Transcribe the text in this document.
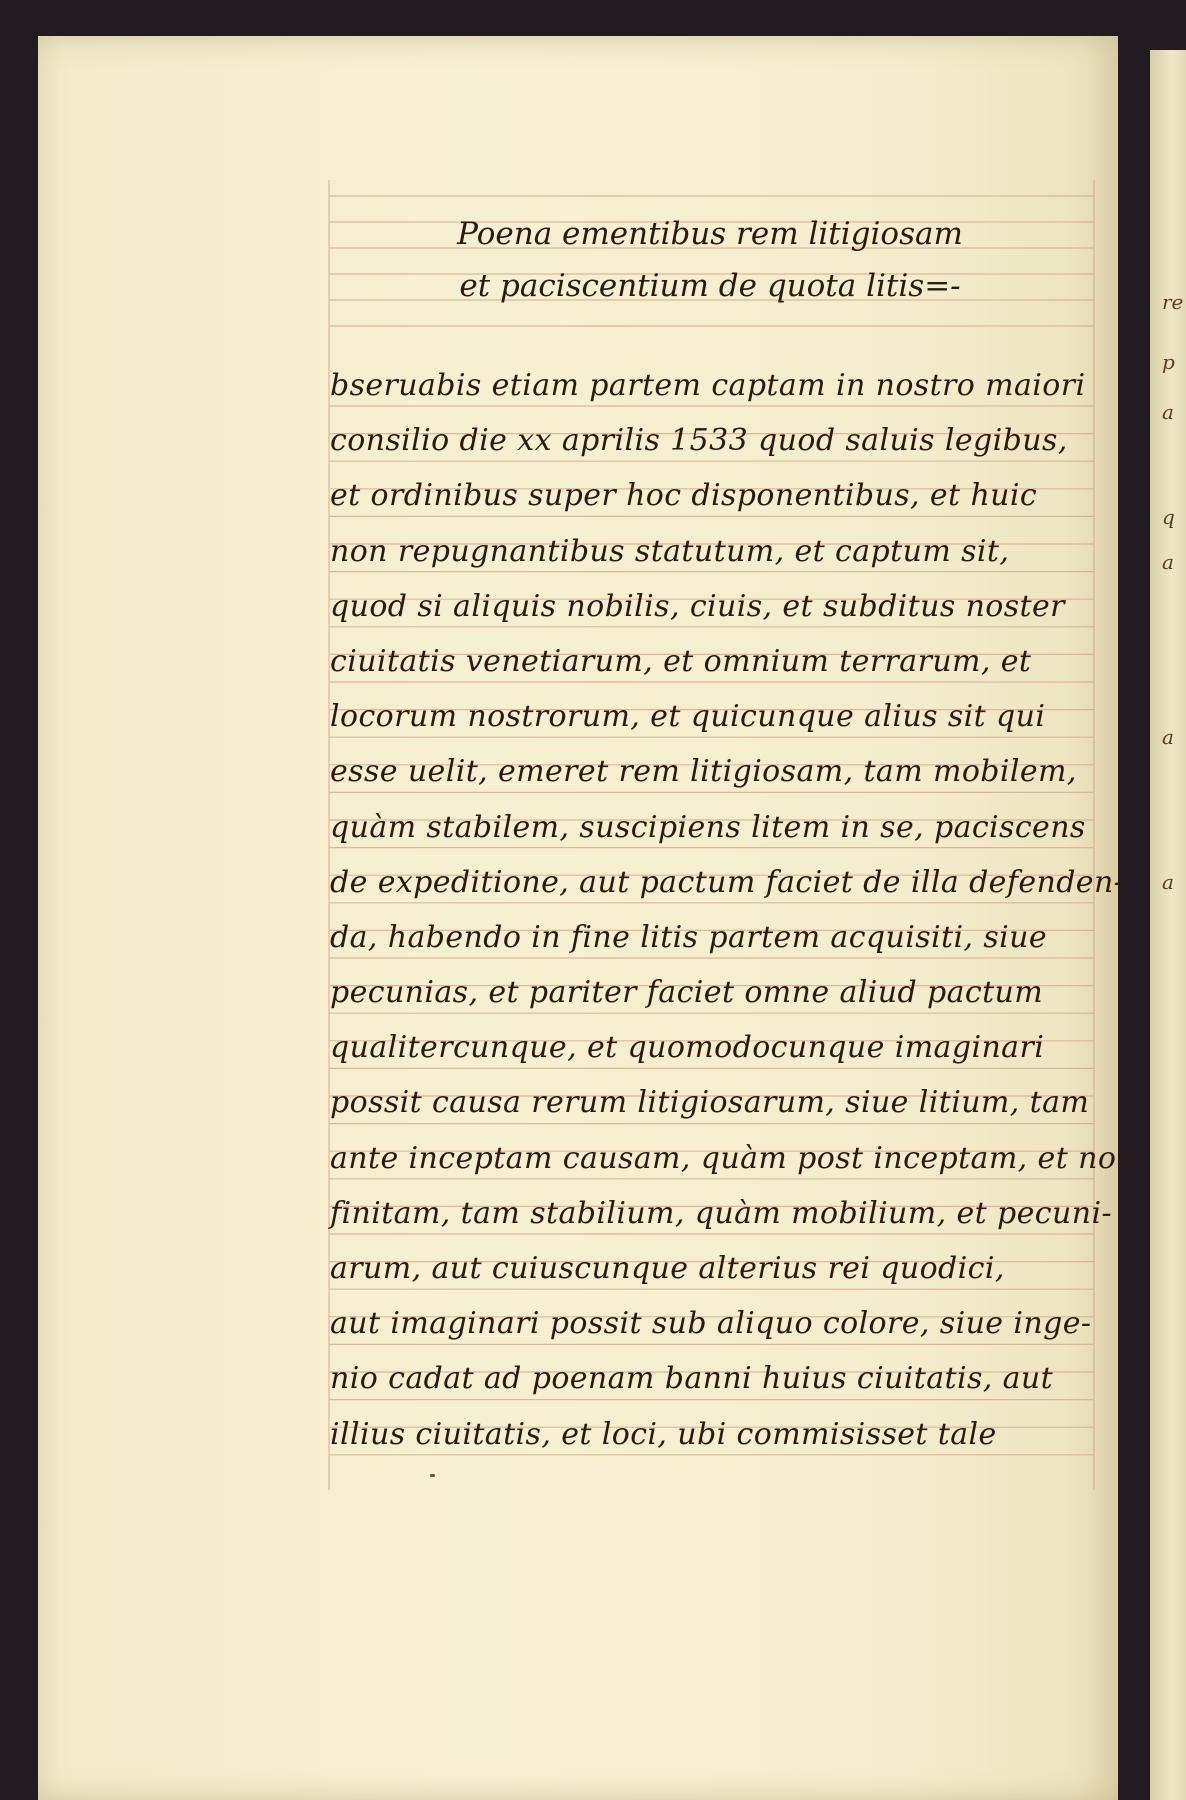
re
p
a
q
a
a
a
Poena ementibus rem litigiosam
et paciscentium de quota litis=-
bseruabis etiam partem captam in nostro maiori
consilio die xx aprilis 1533 quod saluis legibus,
et ordinibus super hoc disponentibus, et huic
non repugnantibus statutum, et captum sit,
quod si aliquis nobilis, ciuis, et subditus noster
ciuitatis venetiarum, et omnium terrarum, et
locorum nostrorum, et quicunque alius sit qui
esse uelit, emeret rem litigiosam, tam mobilem,
quàm stabilem, suscipiens litem in se, paciscens
de expeditione, aut pactum faciet de illa defenden-
da, habendo in fine litis partem acquisiti, siue
pecunias, et pariter faciet omne aliud pactum
qualitercunque, et quomodocunque imaginari
possit causa rerum litigiosarum, siue litium, tam
ante inceptam causam, quàm post inceptam, et non
finitam, tam stabilium, quàm mobilium, et pecuni-
arum, aut cuiuscunque alterius rei quodici,
aut imaginari possit sub aliquo colore, siue inge-
nio cadat ad poenam banni huius ciuitatis, aut
illius ciuitatis, et loci, ubi commisisset tale
